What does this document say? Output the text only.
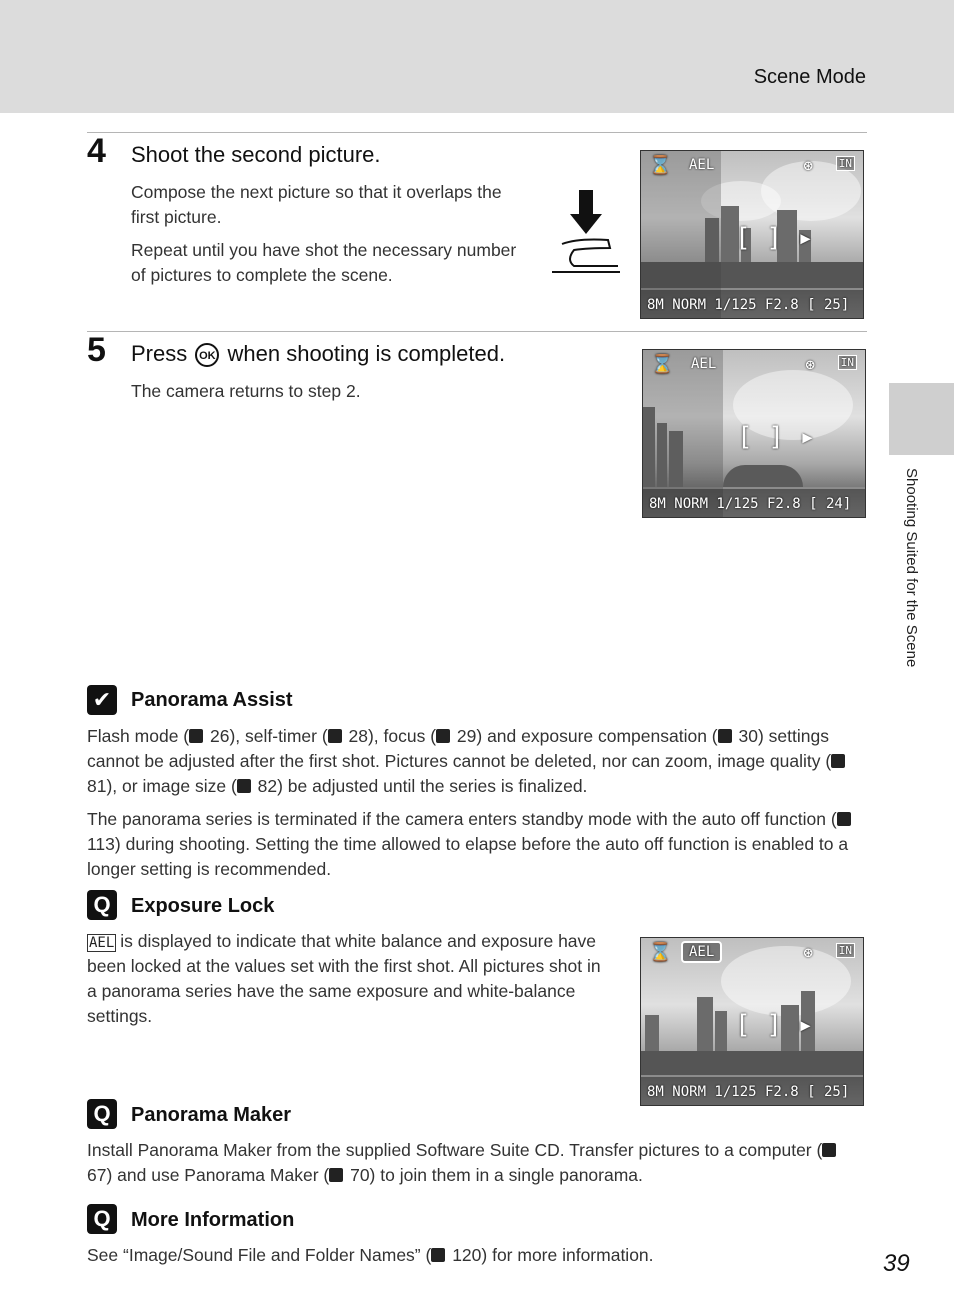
Scene Mode
Shooting Suited for the Scene
4 Shoot the second picture.

Compose the next picture so that it overlaps the first picture.

Repeat until you have shot the necessary number of pictures to complete the scene.

⌛ AEL	⊛ IN
[ ] ▸
8M NORM 1/125 F2.8 [ 25]
5 Press OK when shooting is completed.

The camera returns to step 2.

⌛ AEL	⊛ IN
[ ] ▸
8M NORM 1/125 F2.8 [ 24]
✔ Panorama Assist

Flash mode ( 26), self-timer ( 28), focus ( 29) and exposure compensation ( 30) settings cannot be adjusted after the first shot. Pictures cannot be deleted, nor can zoom, image quality ( 81), or image size ( 82) be adjusted until the series is finalized.

The panorama series is terminated if the camera enters standby mode with the auto off function ( 113) during shooting. Setting the time allowed to elapse before the auto off function is enabled to a longer setting is recommended.

Q	Exposure Lock

AEL is displayed to indicate that white balance and exposure have been locked at the values set with the first shot. All pictures shot in a panorama series have the same exposure and white-balance settings.

⌛	AEL	⊛ IN
[ ] ▸
8M NORM 1/125 F2.8 [ 25]
Q	Panorama Maker

Install Panorama Maker from the supplied Software Suite CD. Transfer pictures to a computer ( 67) and use Panorama Maker ( 70) to join them in a single panorama.

Q	More Information

See “Image/Sound File and Folder Names” ( 120) for more information.	39
